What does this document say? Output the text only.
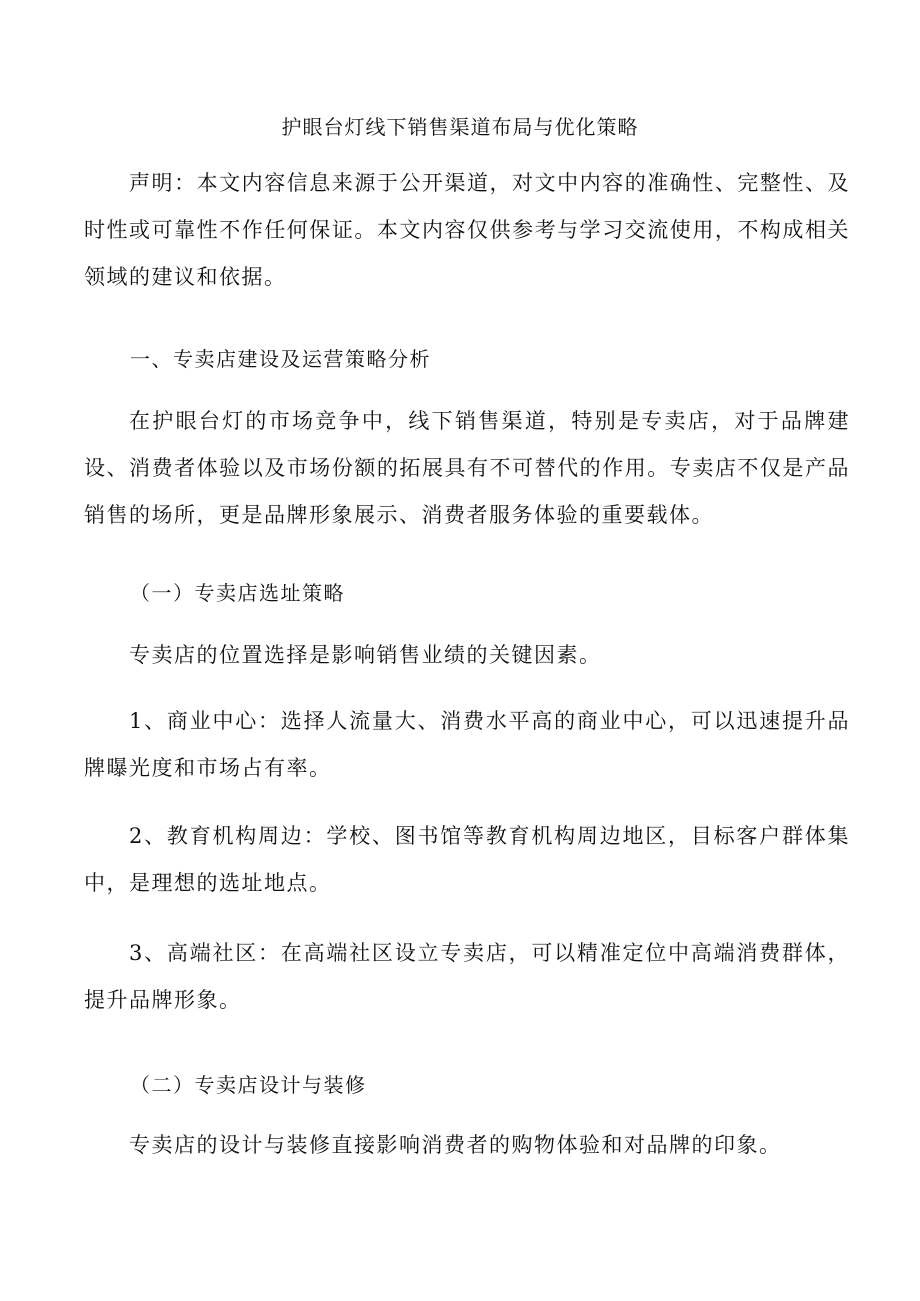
护眼台灯线下销售渠道布局与优化策略

声明：本文内容信息来源于公开渠道，对文中内容的准确性、完整性、及时性或可靠性不作任何保证。本文内容仅供参考与学习交流使用，不构成相关领域的建议和依据。

一、专卖店建设及运营策略分析

在护眼台灯的市场竞争中，线下销售渠道，特别是专卖店，对于品牌建设、消费者体验以及市场份额的拓展具有不可替代的作用。专卖店不仅是产品销售的场所，更是品牌形象展示、消费者服务体验的重要载体。

（一）专卖店选址策略

专卖店的位置选择是影响销售业绩的关键因素。

1、商业中心：选择人流量大、消费水平高的商业中心，可以迅速提升品牌曝光度和市场占有率。

2、教育机构周边：学校、图书馆等教育机构周边地区，目标客户群体集中，是理想的选址地点。

3、高端社区：在高端社区设立专卖店，可以精准定位中高端消费群体，提升品牌形象。

（二）专卖店设计与装修

专卖店的设计与装修直接影响消费者的购物体验和对品牌的印象。
